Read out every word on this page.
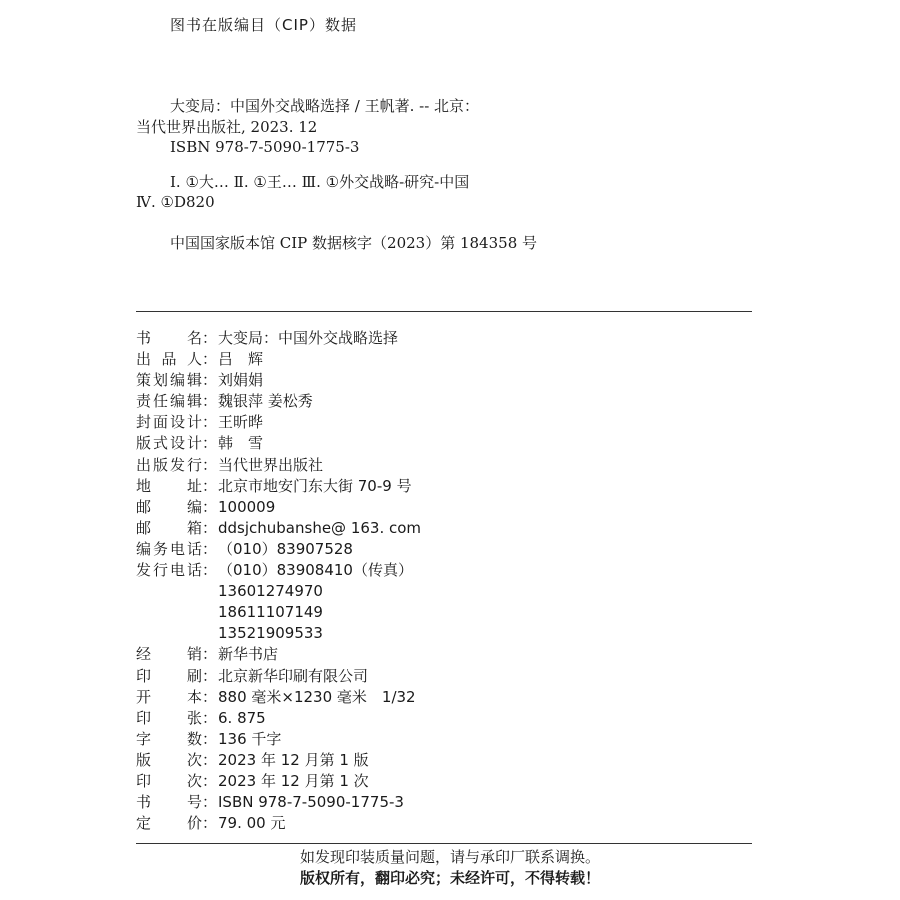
图书在版编目（CIP）数据
大变局：中国外交战略选择 / 王帆著. -- 北京：
当代世界出版社, 2023. 12
ISBN 978-7-5090-1775-3
Ⅰ. ①大… Ⅱ. ①王… Ⅲ. ①外交战略-研究-中国
Ⅳ. ①D820
中国国家版本馆 CIP 数据核字（2023）第 184358 号
书 名： 大变局：中国外交战略选择
出 品 人： 吕　辉
策 划 编 辑： 刘娟娟
责 任 编 辑： 魏银萍 姜松秀
封 面 设 计： 王昕晔
版 式 设 计： 韩　雪
出 版 发 行： 当代世界出版社
地 址： 北京市地安门东大街 70-9 号
邮 编： 100009
邮 箱： ddsjchubanshe@ 163. com
编 务 电 话： （010）83907528
发 行 电 话： （010）83908410（传真）
13601274970
18611107149
13521909533
经 销： 新华书店
印 刷： 北京新华印刷有限公司
开 本： 880 毫米×1230 毫米　1/32
印 张： 6. 875
字 数： 136 千字
版 次： 2023 年 12 月第 1 版
印 次： 2023 年 12 月第 1 次
书 号： ISBN 978-7-5090-1775-3
定 价： 79. 00 元
如发现印装质量问题，请与承印厂联系调换。
版权所有，翻印必究；未经许可，不得转载！
